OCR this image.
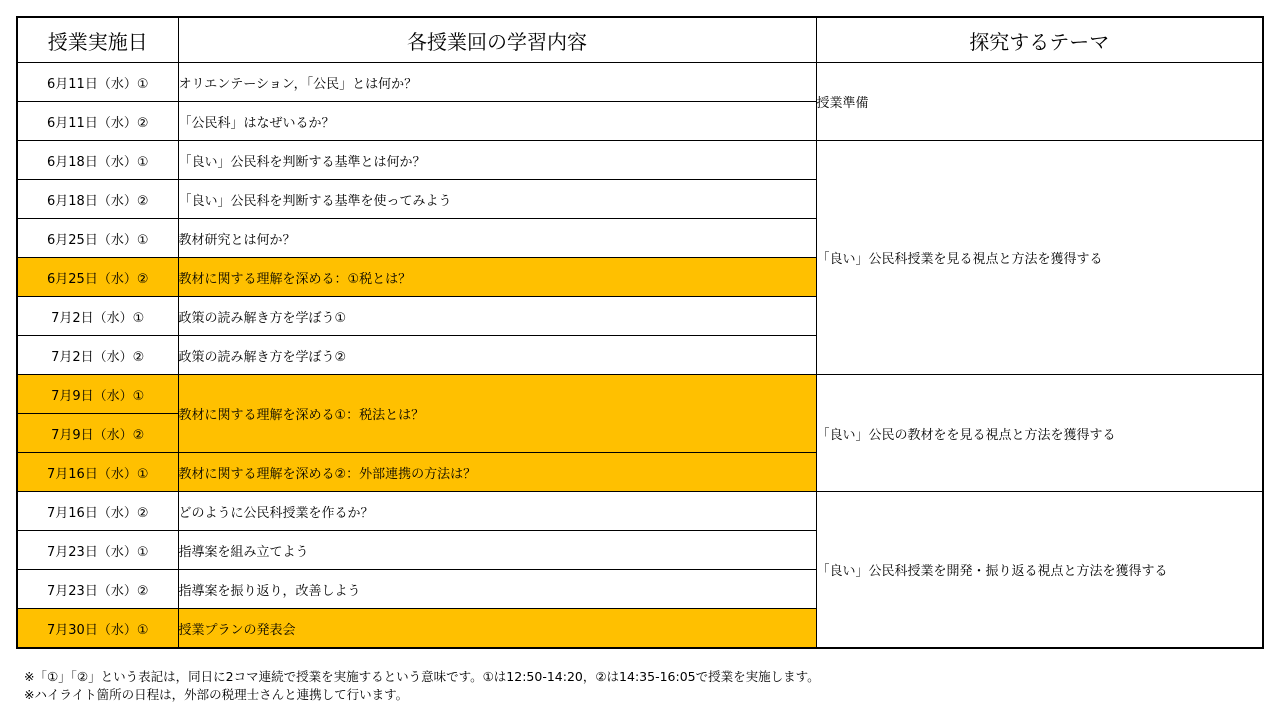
授業実施日	各授業回の学習内容	探究するテーマ
6月11日（水）①	オリエンテーション，「公民」とは何か？	授業準備
6月11日（水）②	「公民科」はなぜいるか？	
6月18日（水）①	「良い」公民科を判断する基準とは何か？	「良い」公民科授業を見る視点と方法を獲得する
6月18日（水）②	「良い」公民科を判断する基準を使ってみよう	
6月25日（水）①	教材研究とは何か？	
6月25日（水）②	教材に関する理解を深める：①税とは？	
7月2日（水）①	政策の読み解き方を学ぼう①	
7月2日（水）②	政策の読み解き方を学ぼう②	
7月9日（水）①	教材に関する理解を深める①：税法とは？	「良い」公民の教材をを見る視点と方法を獲得する
7月9日（水）②		
7月16日（水）①	教材に関する理解を深める②：外部連携の方法は？	
7月16日（水）②	どのように公民科授業を作るか？	「良い」公民科授業を開発・振り返る視点と方法を獲得する
7月23日（水）①	指導案を組み立てよう	
7月23日（水）②	指導案を振り返り，改善しよう	
7月30日（水）①	授業プランの発表会	
※「①」「②」という表記は，同日に2コマ連続で授業を実施するという意味です。①は12:50-14:20，②は14:35-16:05で授業を実施します。
※ハイライト箇所の日程は，外部の税理士さんと連携して行います。
